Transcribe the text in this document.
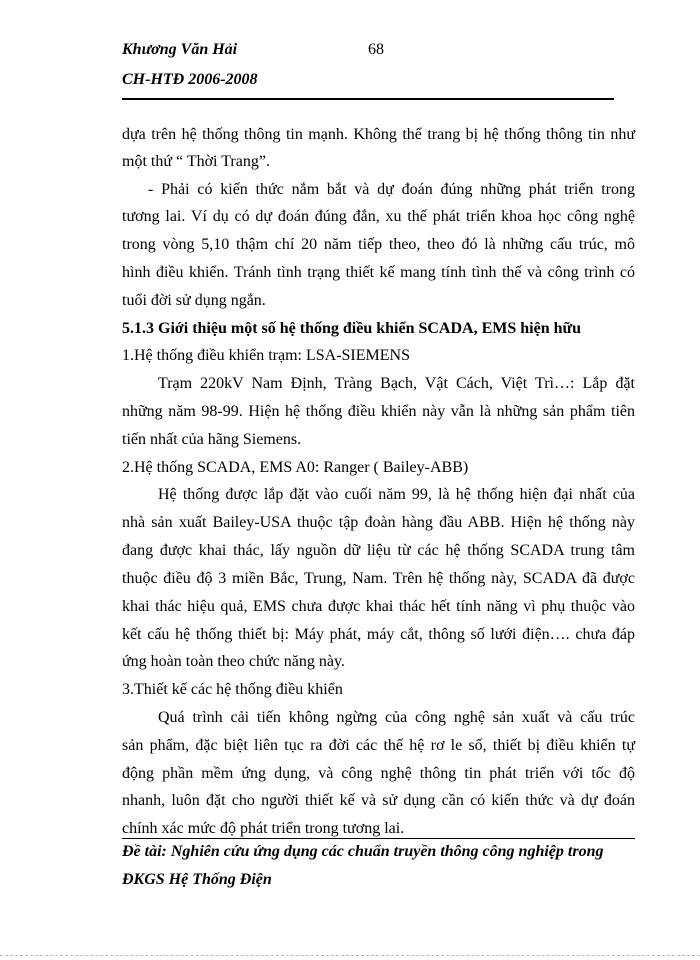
Khương Văn Hải	68
CH-HTĐ 2006-2008
dựa trên hệ thống thông tin mạnh. Không thể trang bị hệ thống thông tin như
một thứ “ Thời Trang”.
- Phải có kiến thức nắm bắt và dự đoán đúng những phát triển trong
tương lai. Ví dụ có dự đoán đúng đắn, xu thế phát triển khoa học công nghệ
trong vòng 5,10 thậm chí 20 năm tiếp theo, theo đó là những cấu trúc, mô
hình điều khiển. Tránh tình trạng thiết kế mang tính tình thế và công trình có
tuổi đời sử dụng ngắn.
5.1.3 Giới thiệu một số hệ thống điều khiển SCADA, EMS hiện hữu
1.Hệ thống điều khiển trạm: LSA-SIEMENS
Trạm 220kV Nam Định, Tràng Bạch, Vật Cách, Việt Trì…: Lắp đặt
những năm 98-99. Hiện hệ thống điều khiển này vẫn là những sản phẩm tiên
tiến nhất của hãng Siemens.
2.Hệ thống SCADA, EMS A0: Ranger ( Bailey-ABB)
Hệ thống được lắp đặt vào cuối năm 99, là hệ thống hiện đại nhất của
nhà sản xuất Bailey-USA thuộc tập đoàn hàng đầu ABB. Hiện hệ thống này
đang được khai thác, lấy nguồn dữ liệu từ các hệ thống SCADA trung tâm
thuộc điều độ 3 miền Bắc, Trung, Nam. Trên hệ thống này, SCADA đã được
khai thác hiệu quả, EMS chưa được khai thác hết tính năng vì phụ thuộc vào
kết cấu hệ thống thiết bị: Máy phát, máy cắt, thông số lưới điện…. chưa đáp
ứng hoàn toàn theo chức năng này.
3.Thiết kế các hệ thống điều khiển
Quá trình cải tiến không ngừng của công nghệ sản xuất và cấu trúc
sản phẩm, đặc biệt liên tục ra đời các thế hệ rơ le số, thiết bị điều khiển tự
động phần mềm ứng dụng, và công nghệ thông tin phát triển với tốc độ
nhanh, luôn đặt cho người thiết kế và sử dụng cần có kiến thức và dự đoán
chính xác mức độ phát triển trong tương lai.
Đề tài: Nghiên cứu ứng dụng các chuẩn truyền thông công nghiệp trong
ĐKGS Hệ Thống Điện
